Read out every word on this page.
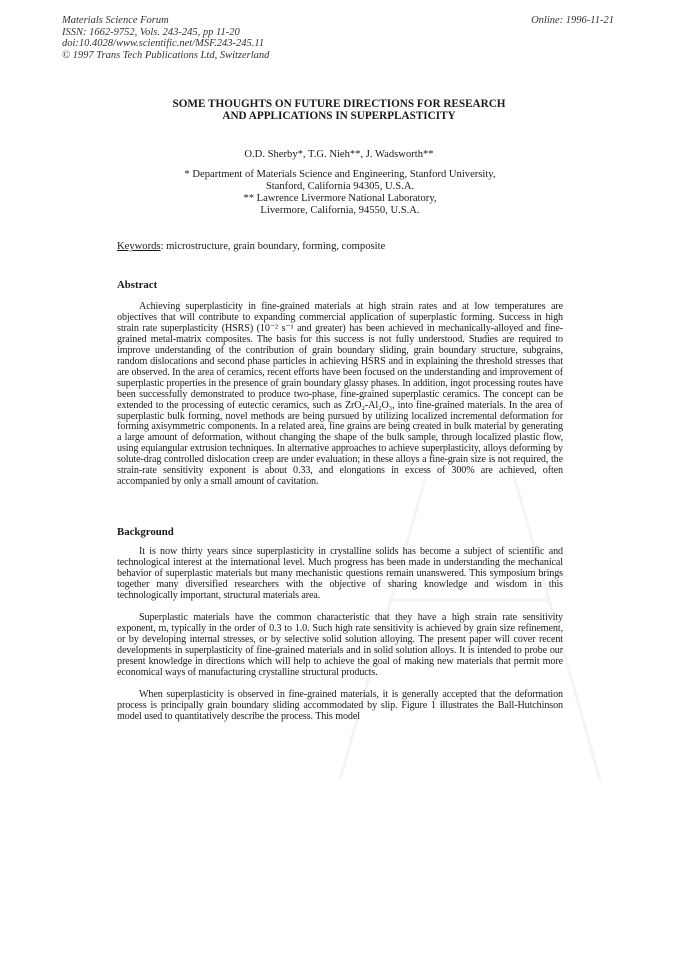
Materials Science Forum
ISSN: 1662-9752, Vols. 243-245, pp 11-20
doi:10.4028/www.scientific.net/MSF.243-245.11
© 1997 Trans Tech Publications Ltd, Switzerland
Online: 1996-11-21
SOME THOUGHTS ON FUTURE DIRECTIONS FOR RESEARCH
AND APPLICATIONS IN SUPERPLASTICITY
O.D. Sherby*, T.G. Nieh**, J. Wadsworth**
* Department of Materials Science and Engineering, Stanford University,
Stanford, California 94305, U.S.A.
** Lawrence Livermore National Laboratory,
Livermore, California, 94550, U.S.A.
Keywords: microstructure, grain boundary, forming, composite
Abstract

Achieving superplasticity in fine-grained materials at high strain rates and at low temperatures are objectives that will contribute to expanding commercial application of superplastic forming. Success in high strain rate superplasticity (HSRS) (10⁻² s⁻¹ and greater) has been achieved in mechanically-alloyed and fine-grained metal-matrix composites. The basis for this success is not fully understood. Studies are required to improve understanding of the contribution of grain boundary sliding, grain boundary structure, subgrains, random dislocations and second phase particles in achieving HSRS and in explaining the threshold stresses that are observed. In the area of ceramics, recent efforts have been focused on the understanding and improvement of superplastic properties in the presence of grain boundary glassy phases. In addition, ingot processing routes have been successfully demonstrated to produce two-phase, fine-grained superplastic ceramics. The concept can be extended to the processing of eutectic ceramics, such as ZrO₂-Al₂O₃, into fine-grained materials. In the area of superplastic bulk forming, novel methods are being pursued by utilizing localized incremental deformation for forming axisymmetric components. In a related area, fine grains are being created in bulk material by generating a large amount of deformation, without changing the shape of the bulk sample, through localized plastic flow, using equiangular extrusion techniques. In alternative approaches to achieve superplasticity, alloys deforming by solute-drag controlled dislocation creep are under evaluation; in these alloys a fine-grain size is not required, the strain-rate sensitivity exponent is about 0.33, and elongations in excess of 300% are achieved, often accompanied by only a small amount of cavitation.

Background

It is now thirty years since superplasticity in crystalline solids has become a subject of scientific and technological interest at the international level. Much progress has been made in understanding the mechanical behavior of superplastic materials but many mechanistic questions remain unanswered. This symposium brings together many diversified researchers with the objective of sharing knowledge and wisdom in this technologically important, structural materials area.

Superplastic materials have the common characteristic that they have a high strain rate sensitivity exponent, m, typically in the order of 0.3 to 1.0. Such high rate sensitivity is achieved by grain size refinement, or by developing internal stresses, or by selective solid solution alloying. The present paper will cover recent developments in superplasticity of fine-grained materials and in solid solution alloys. It is intended to probe our present knowledge in directions which will help to achieve the goal of making new materials that permit more economical ways of manufacturing crystalline structural products.

When superplasticity is observed in fine-grained materials, it is generally accepted that the deformation process is principally grain boundary sliding accommodated by slip. Figure 1 illustrates the Ball-Hutchinson model used to quantitatively describe the process. This model
